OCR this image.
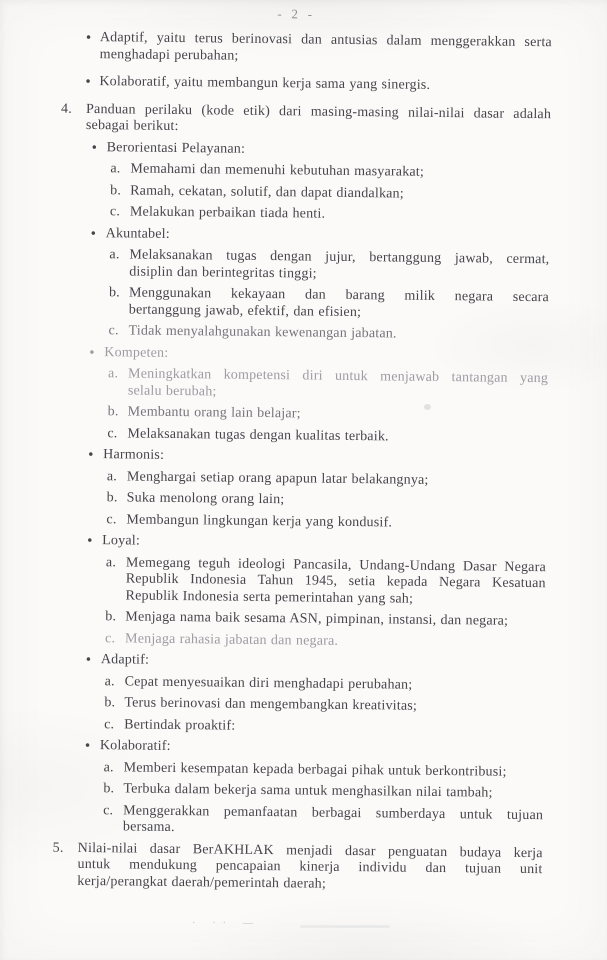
- 2 -
• Adaptif, yaitu terus berinovasi dan antusias dalam menggerakkan serta
menghadapi perubahan;
• Kolaboratif, yaitu membangun kerja sama yang sinergis.
4. Panduan perilaku (kode etik) dari masing-masing nilai-nilai dasar adalah
sebagai berikut:
• Berorientasi Pelayanan:
a. Memahami dan memenuhi kebutuhan masyarakat;
b. Ramah, cekatan, solutif, dan dapat diandalkan;
c. Melakukan perbaikan tiada henti.
• Akuntabel:
a. Melaksanakan tugas dengan jujur, bertanggung jawab, cermat,
disiplin dan berintegritas tinggi;
b. Menggunakan kekayaan dan barang milik negara secara
bertanggung jawab, efektif, dan efisien;
c. Tidak menyalahgunakan kewenangan jabatan.
• Kompeten:
a. Meningkatkan kompetensi diri untuk menjawab tantangan yang
selalu berubah;
b. Membantu orang lain belajar;
c. Melaksanakan tugas dengan kualitas terbaik.
• Harmonis:
a. Menghargai setiap orang apapun latar belakangnya;
b. Suka menolong orang lain;
c. Membangun lingkungan kerja yang kondusif.
• Loyal:
a. Memegang teguh ideologi Pancasila, Undang-Undang Dasar Negara
Republik Indonesia Tahun 1945, setia kepada Negara Kesatuan
Republik Indonesia serta pemerintahan yang sah;
b. Menjaga nama baik sesama ASN, pimpinan, instansi, dan negara;
c. Menjaga rahasia jabatan dan negara.
• Adaptif:
a. Cepat menyesuaikan diri menghadapi perubahan;
b. Terus berinovasi dan mengembangkan kreativitas;
c. Bertindak proaktif:
• Kolaboratif:
a. Memberi kesempatan kepada berbagai pihak untuk berkontribusi;
b. Terbuka dalam bekerja sama untuk menghasilkan nilai tambah;
c. Menggerakkan pemanfaatan berbagai sumberdaya untuk tujuan
bersama.
5. Nilai-nilai dasar BerAKHLAK menjadi dasar penguatan budaya kerja
untuk mendukung pencapaian kinerja individu dan tujuan unit
kerja/perangkat daerah/pemerintah daerah;
· ·· —
